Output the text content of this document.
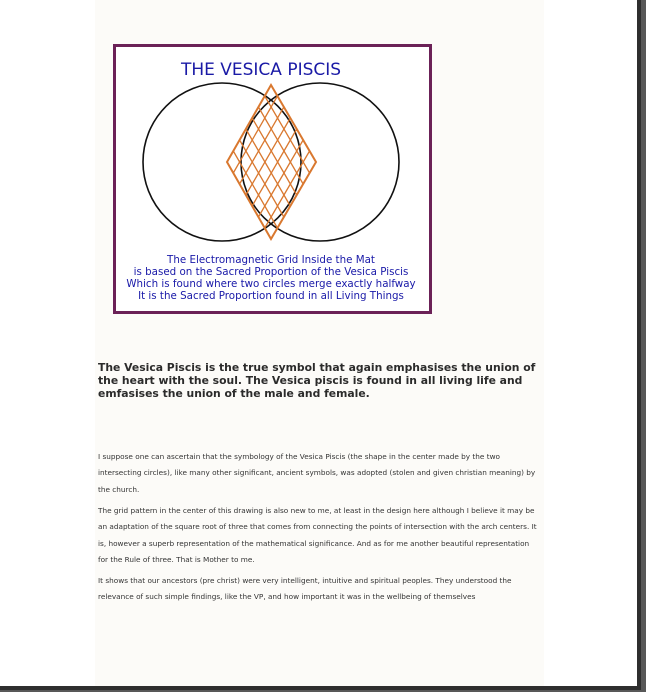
THE VESICA PISCIS
The Electromagnetic Grid Inside the Mat
is based on the Sacred Proportion of the Vesica Piscis
Which is found where two circles merge exactly halfway
It is the Sacred Proportion found in all Living Things

The Vesica Piscis is the true symbol that again emphasises the union of the heart with the soul. The Vesica piscis is found in all living life and emfasises the union of the male and female.

I suppose one can ascertain that the symbology of the Vesica Piscis (the shape in the center made by the two intersecting circles), like many other significant, ancient symbols, was adopted (stolen and given christian meaning) by the church.

The grid pattern in the center of this drawing is also new to me, at least in the design here although I believe it may be an adaptation of the square root of three that comes from connecting the points of intersection with the arch centers. It is, however a superb representation of the mathematical significance. And as for me another beautiful representation for the Rule of three. That is Mother to me.

It shows that our ancestors (pre christ) were very intelligent, intuitive and spiritual peoples. They understood the relevance of such simple findings, like the VP, and how important it was in the wellbeing of themselves
